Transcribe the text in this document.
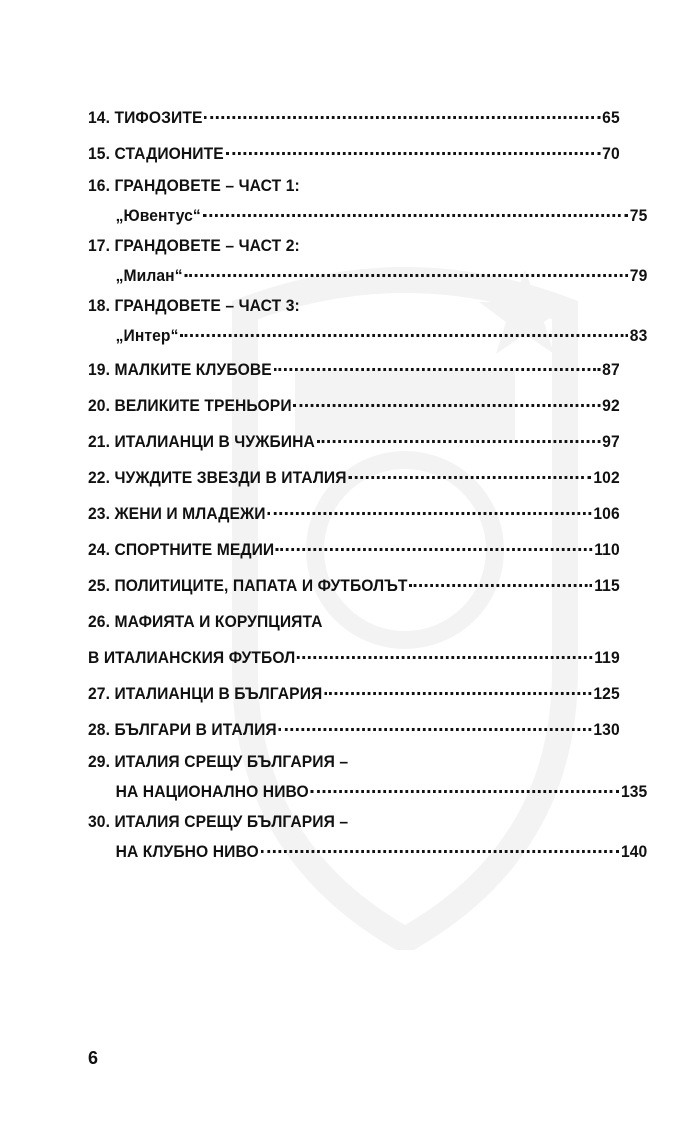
14. ТИФОЗИТЕ	65
15. СТАДИОНИТЕ	70
16. ГРАНДОВЕТЕ – ЧАСТ 1:
„Ювентус“	75
17. ГРАНДОВЕТЕ – ЧАСТ 2:
„Милан“	79
18. ГРАНДОВЕТЕ – ЧАСТ 3:
„Интер“	83
19. МАЛКИТЕ КЛУБОВЕ	87
20. ВЕЛИКИТЕ ТРЕНЬОРИ	92
21. ИТАЛИАНЦИ В ЧУЖБИНА	97
22. ЧУЖДИТЕ ЗВЕЗДИ В ИТАЛИЯ	102
23. ЖЕНИ И МЛАДЕЖИ	106
24. СПОРТНИТЕ МЕДИИ	110
25. ПОЛИТИЦИТЕ, ПАПАТА И ФУТБОЛЪТ	115
26. МАФИЯТА И КОРУПЦИЯТА
В ИТАЛИАНСКИЯ ФУТБОЛ	119
27. ИТАЛИАНЦИ В БЪЛГАРИЯ	125
28. БЪЛГАРИ В ИТАЛИЯ	130
29. ИТАЛИЯ СРЕЩУ БЪЛГАРИЯ –
НА НАЦИОНАЛНО НИВО	135
30. ИТАЛИЯ СРЕЩУ БЪЛГАРИЯ –
НА КЛУБНО НИВО	140
6
